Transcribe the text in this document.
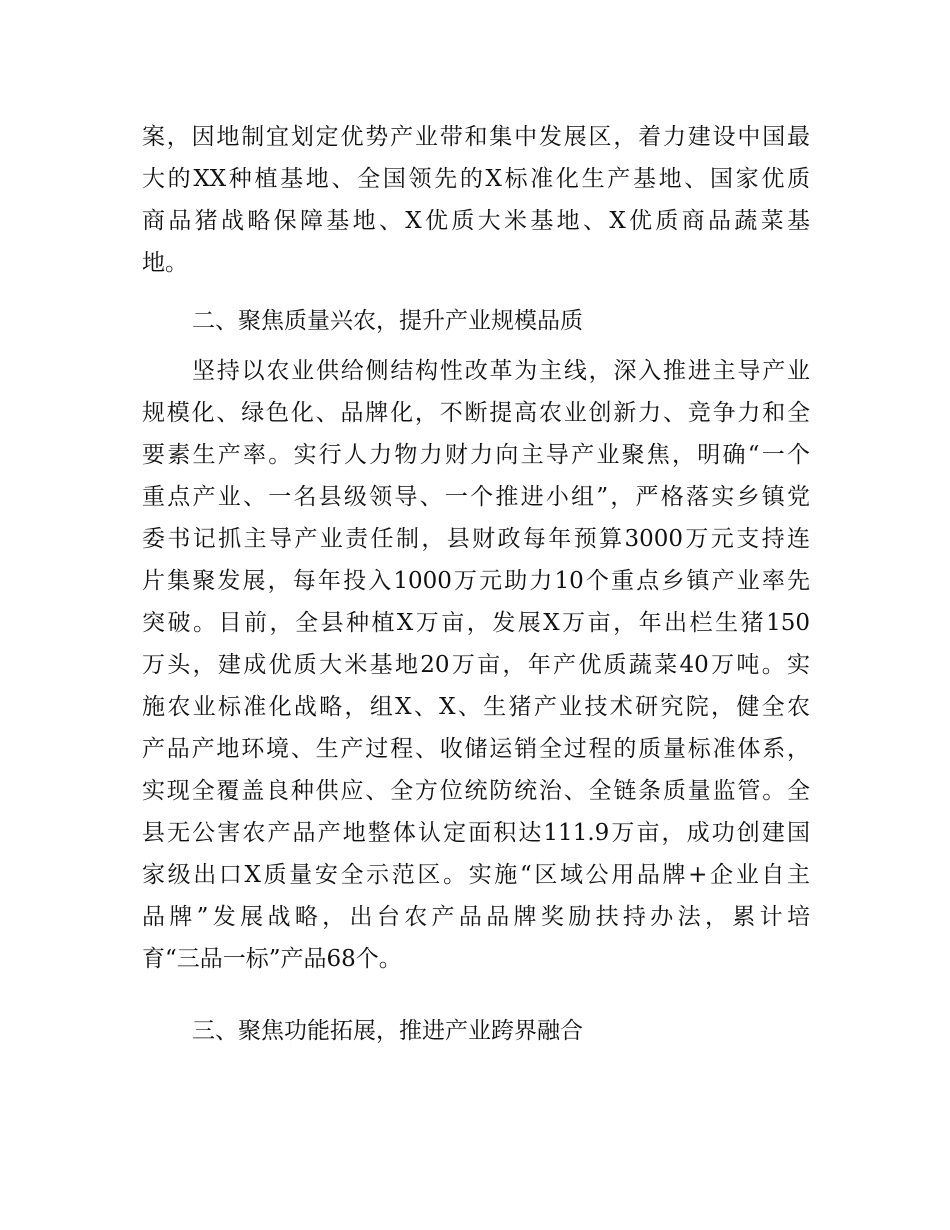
案，因地制宜划定优势产业带和集中发展区，着力建设中国最
大的XX种植基地、全国领先的X标准化生产基地、国家优质
商品猪战略保障基地、X优质大米基地、X优质商品蔬菜基
地。
二、聚焦质量兴农，提升产业规模品质
坚持以农业供给侧结构性改革为主线，深入推进主导产业
规模化、绿色化、品牌化，不断提高农业创新力、竞争力和全
要素生产率。实行人力物力财力向主导产业聚焦，明确“一个
重点产业、一名县级领导、一个推进小组”，严格落实乡镇党
委书记抓主导产业责任制，县财政每年预算3000万元支持连
片集聚发展，每年投入1000万元助力10个重点乡镇产业率先
突破。目前，全县种植X万亩，发展X万亩，年出栏生猪150
万头，建成优质大米基地20万亩，年产优质蔬菜40万吨。实
施农业标准化战略，组X、X、生猪产业技术研究院，健全农
产品产地环境、生产过程、收储运销全过程的质量标准体系，
实现全覆盖良种供应、全方位统防统治、全链条质量监管。全
县无公害农产品产地整体认定面积达111.9万亩，成功创建国
家级出口X质量安全示范区。实施“区域公用品牌+企业自主
品牌”发展战略，出台农产品品牌奖励扶持办法，累计培
育“三品一标”产品68个。
三、聚焦功能拓展，推进产业跨界融合
